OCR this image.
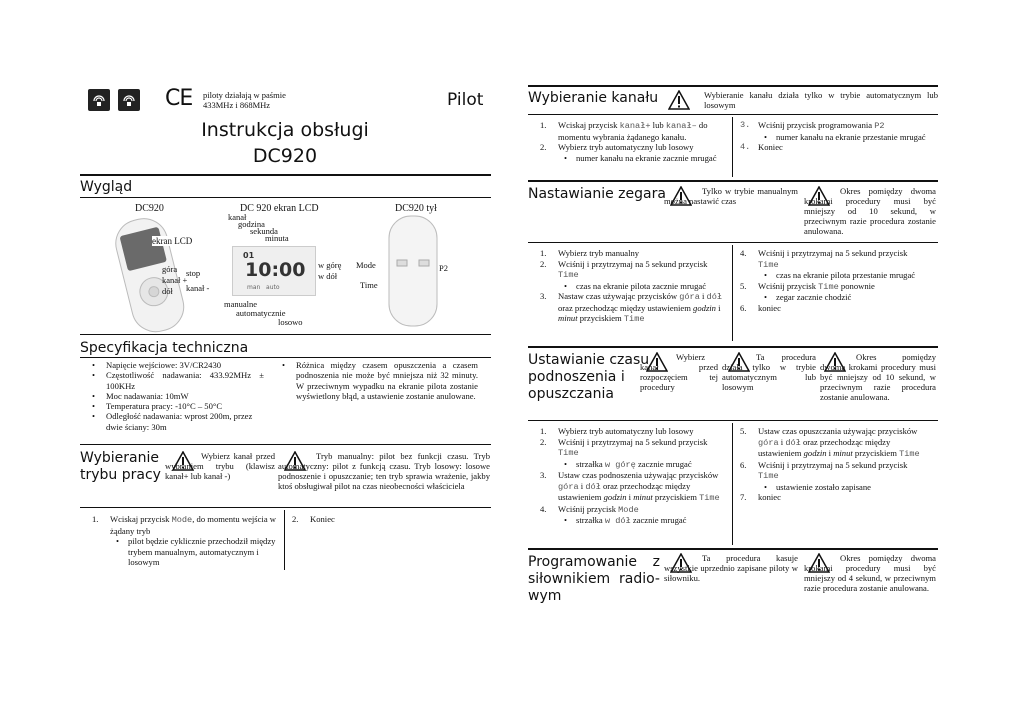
CE piloty działają w paśmie 433MHz i 868MHz	Pilot
Instrukcja obsługi
DC920
Wygląd
DC920
ekran LCD
góra
kanał +
dół
stop
kanał -
DC 920 ekran LCD
kanał
godzina
sekunda
minuta
01
10:00
man   auto
w górę
w dół
manualne
automatycznie
losowo
DC920 tył
Mode
Time
P2
Specyfikacja techniczna
• Napięcie wejściowe: 3V/CR2430
• Częstotliwość nadawania: 433.92MHz ± 100KHz
• Moc nadawania: 10mW
• Temperatura pracy: -10°C – 50°C
• Odległość nadawania: wprost 200m, przez dwie ściany: 30m
• Różnica między czasem opuszczenia a czasem podnoszenia nie może być mniejsza niż 32 minuty. W przeciwnym wypadku na ekranie pilota zostanie wyświetlony błąd, a ustawienie zostanie anulowane.
Wybieranie
trybu pracy
Wybierz kanał przed wybraniem trybu (klawisz kanał+ lub kanał -)
Tryb manualny: pilot bez funkcji czasu. Tryb automatyczny: pilot z funkcją czasu. Tryb losowy: losowe podnoszenie i opuszczanie; ten tryb sprawia wrażenie, jakby ktoś obsługiwał pilot na czas nieobecności właściciela
1. Wciskaj przycisk Mode, do momentu wejścia w żądany tryb
• pilot będzie cyklicznie przechodził między trybem manualnym, automatycznym i losowym
2. Koniec
Wybieranie kanału	Wybieranie kanału działa tylko w trybie automatycznym lub losowym
1. Wciskaj przycisk kanał+ lub kanał– do momentu wybrania żądanego kanału.
2. Wybierz tryb automatyczny lub losowy
• numer kanału na ekranie zacznie mrugać
3. Wciśnij przycisk programowania P2
• numer kanału na ekranie przestanie mrugać
4. Koniec
Nastawianie zegara	Tylko w trybie manualnym można nastawić czas
Okres pomiędzy dwoma krokami procedury musi być mniejszy od 10 sekund, w przeciwnym razie procedura zostanie anulowana.
1. Wybierz tryb manualny
2. Wciśnij i przytrzymaj na 5 sekund przycisk Time
• czas na ekranie pilota zacznie mrugać
3. Nastaw czas używając przycisków góra i dół oraz przechodząc między ustawieniem godzin i minut przyciskiem Time
4. Wciśnij i przytrzymaj na 5 sekund przycisk Time
• czas na ekranie pilota przestanie mrugać
5. Wciśnij przycisk Time ponownie
• zegar zacznie chodzić
6. koniec
Ustawianie czasu
podnoszenia i
opuszczania
Wybierz kanał przed rozpoczęciem tej procedury
Ta procedura działa tylko w trybie automatycznym lub losowym
Okres pomiędzy dwoma krokami procedury musi być mniejszy od 10 sekund, w przeciwnym razie procedura zostanie anulowana.
1. Wybierz tryb automatyczny lub losowy
2. Wciśnij i przytrzymaj na 5 sekund przycisk Time
• strzałka w górę zacznie mrugać
3. Ustaw czas podnoszenia używając przycisków góra i dół oraz przechodząc między ustawieniem godzin i minut przyciskiem Time
4. Wciśnij przycisk Mode
• strzałka w dół zacznie mrugać
5. Ustaw czas opuszczania używając przycisków góra i dół oraz przechodząc między ustawieniem godzin i minut przyciskiem Time
6. Wciśnij i przytrzymaj na 5 sekund przycisk Time
• ustawienie zostało zapisane
7. koniec
Programowanie z
siłownikiem radio-
wym
Ta procedura kasuje wszystkie uprzednio zapisane piloty w siłowniku.
Okres pomiędzy dwoma krokami procedury musi być mniejszy od 4 sekund, w przeciwnym razie procedura zostanie anulowana.
